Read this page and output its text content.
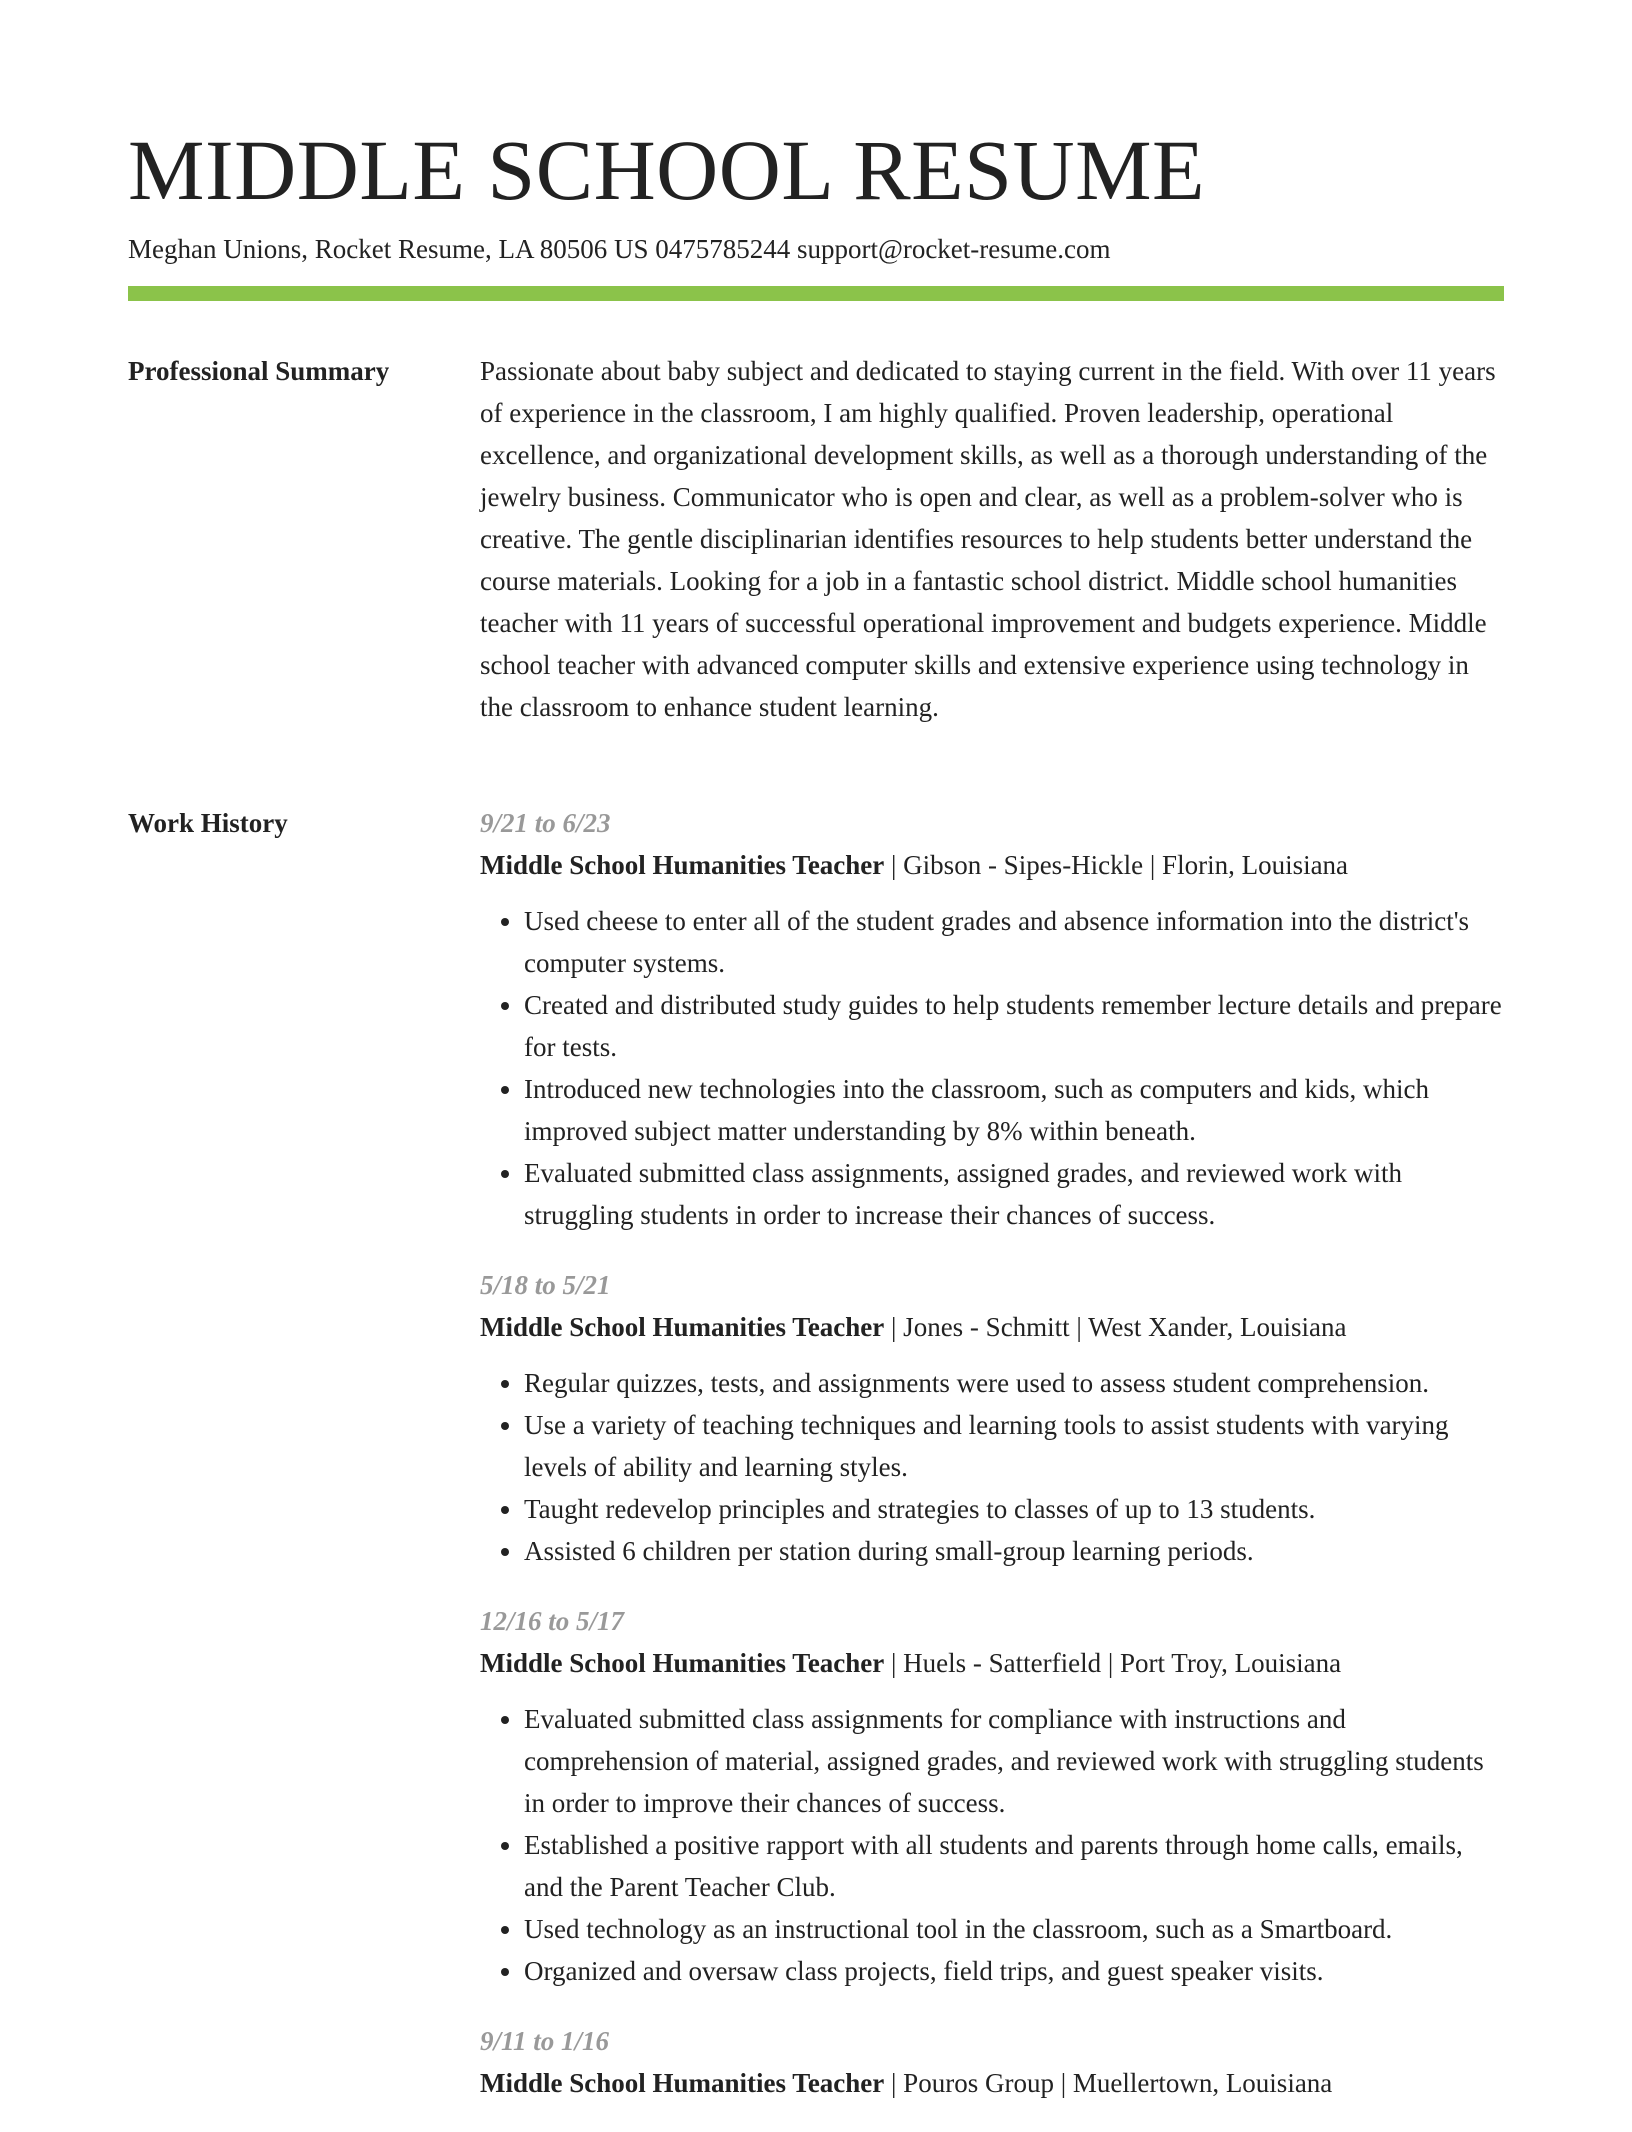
MIDDLE SCHOOL RESUME
Meghan Unions, Rocket Resume, LA 80506 US 0475785244 support@rocket-resume.com
Professional Summary	Passionate about baby subject and dedicated to staying current in the field. With over 11 years of experience in the classroom, I am highly qualified. Proven leadership, operational excellence, and organizational development skills, as well as a thorough understanding of the jewelry business. Communicator who is open and clear, as well as a problem-solver who is creative. The gentle disciplinarian identifies resources to help students better understand the course materials. Looking for a job in a fantastic school district. Middle school humanities teacher with 11 years of successful operational improvement and budgets experience. Middle school teacher with advanced computer skills and extensive experience using technology in the classroom to enhance student learning.

Work History	9/21 to 6/23
Middle School Humanities Teacher | Gibson - Sipes-Hickle | Florin, Louisiana
• Used cheese to enter all of the student grades and absence information into the district's computer systems.
• Created and distributed study guides to help students remember lecture details and prepare for tests.
• Introduced new technologies into the classroom, such as computers and kids, which improved subject matter understanding by 8% within beneath.
• Evaluated submitted class assignments, assigned grades, and reviewed work with struggling students in order to increase their chances of success.
5/18 to 5/21
Middle School Humanities Teacher | Jones - Schmitt | West Xander, Louisiana
• Regular quizzes, tests, and assignments were used to assess student comprehension.
• Use a variety of teaching techniques and learning tools to assist students with varying levels of ability and learning styles.
• Taught redevelop principles and strategies to classes of up to 13 students.
• Assisted 6 children per station during small-group learning periods.
12/16 to 5/17
Middle School Humanities Teacher | Huels - Satterfield | Port Troy, Louisiana
• Evaluated submitted class assignments for compliance with instructions and comprehension of material, assigned grades, and reviewed work with struggling students in order to improve their chances of success.
• Established a positive rapport with all students and parents through home calls, emails, and the Parent Teacher Club.
• Used technology as an instructional tool in the classroom, such as a Smartboard.
• Organized and oversaw class projects, field trips, and guest speaker visits.
9/11 to 1/16
Middle School Humanities Teacher | Pouros Group | Muellertown, Louisiana
